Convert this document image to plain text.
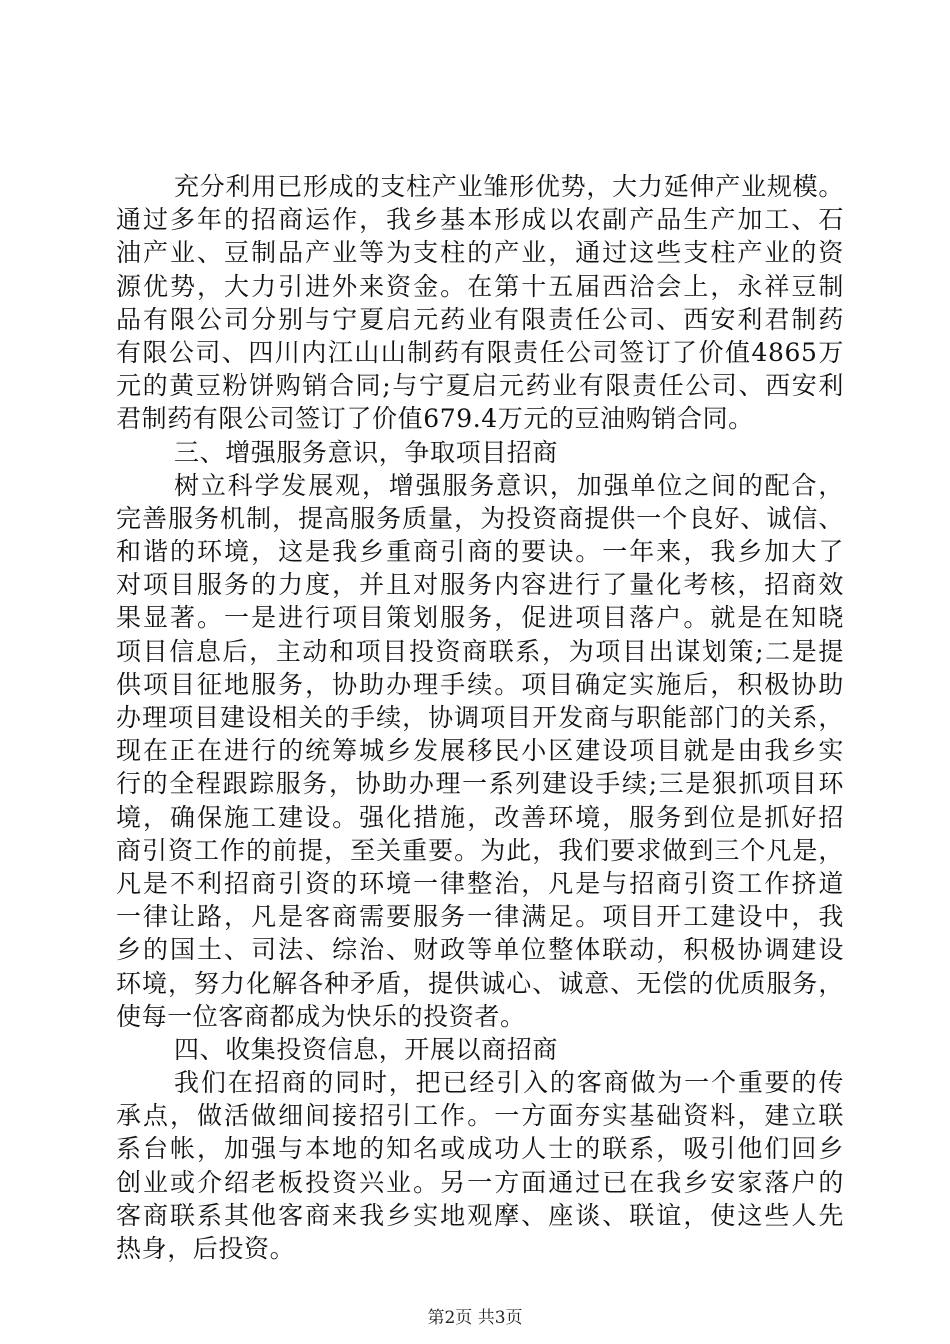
充分利用已形成的支柱产业雏形优势，大力延伸产业规模。
通过多年的招商运作，我乡基本形成以农副产品生产加工、石
油产业、豆制品产业等为支柱的产业，通过这些支柱产业的资
源优势，大力引进外来资金。在第十五届西洽会上，永祥豆制
品有限公司分别与宁夏启元药业有限责任公司、西安利君制药
有限公司、四川内江山山制药有限责任公司签订了价值4865万
元的黄豆粉饼购销合同;与宁夏启元药业有限责任公司、西安利
君制药有限公司签订了价值679.4万元的豆油购销合同。
三、增强服务意识，争取项目招商
树立科学发展观，增强服务意识，加强单位之间的配合，
完善服务机制，提高服务质量，为投资商提供一个良好、诚信、
和谐的环境，这是我乡重商引商的要诀。一年来，我乡加大了
对项目服务的力度，并且对服务内容进行了量化考核，招商效
果显著。一是进行项目策划服务，促进项目落户。就是在知晓
项目信息后，主动和项目投资商联系，为项目出谋划策;二是提
供项目征地服务，协助办理手续。项目确定实施后，积极协助
办理项目建设相关的手续，协调项目开发商与职能部门的关系，
现在正在进行的统筹城乡发展移民小区建设项目就是由我乡实
行的全程跟踪服务，协助办理一系列建设手续;三是狠抓项目环
境，确保施工建设。强化措施，改善环境，服务到位是抓好招
商引资工作的前提，至关重要。为此，我们要求做到三个凡是，
凡是不利招商引资的环境一律整治，凡是与招商引资工作挤道
一律让路，凡是客商需要服务一律满足。项目开工建设中，我
乡的国土、司法、综治、财政等单位整体联动，积极协调建设
环境，努力化解各种矛盾，提供诚心、诚意、无偿的优质服务，
使每一位客商都成为快乐的投资者。
四、收集投资信息，开展以商招商
我们在招商的同时，把已经引入的客商做为一个重要的传
承点，做活做细间接招引工作。一方面夯实基础资料，建立联
系台帐，加强与本地的知名或成功人士的联系，吸引他们回乡
创业或介绍老板投资兴业。另一方面通过已在我乡安家落户的
客商联系其他客商来我乡实地观摩、座谈、联谊，使这些人先
热身，后投资。
第2页 共3页
